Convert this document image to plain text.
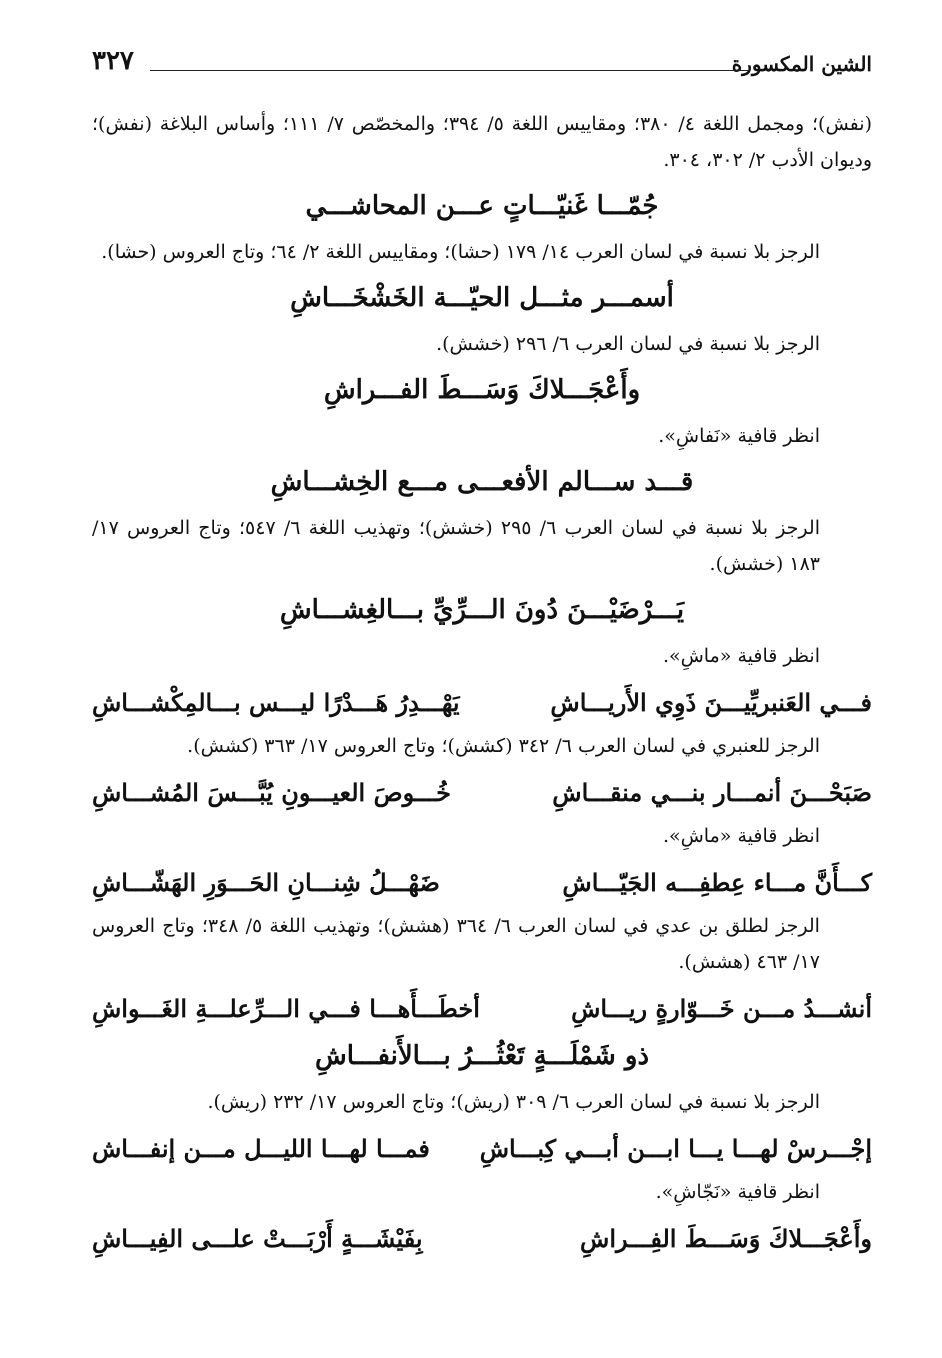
الشين المكسورة
٣٢٧
(نفش)؛ ومجمل اللغة ٤/ ٣٨٠؛ ومقاييس اللغة ٥/ ٣٩٤؛ والمخصّص ٧/ ١١١؛ وأساس البلاغة (نفش)؛ وديوان الأدب ٢/ ٣٠٢، ٣٠٤.
جُمّـــا غَنيّـــاتٍ عـــن المحاشـــي
الرجز بلا نسبة في لسان العرب ١٤/ ١٧٩ (حشا)؛ ومقاييس اللغة ٢/ ٦٤؛ وتاج العروس (حشا).
أسمـــر مثـــل الحيّـــة الخَشْخَـــاشِ
الرجز بلا نسبة في لسان العرب ٦/ ٢٩٦ (خشش).
وأَعْجَـــلاكَ وَسَـــطَ الفـــراشِ
انظر قافية «نَفاشِ».
قـــد ســـالم الأفعـــى مـــع الخِشـــاشِ
الرجز بلا نسبة في لسان العرب ٦/ ٢٩٥ (خشش)؛ وتهذيب اللغة ٦/ ٥٤٧؛ وتاج العروس ١٧/ ١٨٣ (خشش).
يَـــرْضَيْـــنَ دُونَ الـــرِّيِّ بـــالغِشـــاشِ
انظر قافية «ماشِ».
فـــي العَنبريِّيـــنَ ذَوِي الأَريـــاشِ
يَهْـــدِرُ هَـــدْرًا ليـــس بـــالمِكْشـــاشِ
الرجز للعنبري في لسان العرب ٦/ ٣٤٢ (كشش)؛ وتاج العروس ١٧/ ٣٦٣ (كشش).
صَبَحْـــنَ أنمـــار بنـــي منقـــاشِ
خُـــوصَ العيـــونِ يُبَّـــسَ المُشـــاشِ
انظر قافية «ماشِ».
كـــأَنَّ مـــاء عِطفِـــه الجَيّـــاشِ
ضَهْـــلُ شِنـــانِ الحَـــوَرِ الهَشّـــاشِ
الرجز لطلق بن عدي في لسان العرب ٦/ ٣٦٤ (هشش)؛ وتهذيب اللغة ٥/ ٣٤٨؛ وتاج العروس ١٧/ ٤٦٣ (هشش).
أنشـــدُ مـــن خَـــوّارةٍ ريـــاشِ
أخطَـــأَهـــا فـــي الـــرِّعلـــةِ الغَـــواشِ
ذو شَمْلَـــةٍ تَعْثُـــرُ بـــالأَنفـــاشِ
الرجز بلا نسبة في لسان العرب ٦/ ٣٠٩ (ريش)؛ وتاج العروس ١٧/ ٢٣٢ (ريش).
إجْـــرسْ لهـــا يـــا ابـــن أبـــي كِبـــاشِ
فمـــا لهـــا الليـــل مـــن إنفـــاش
انظر قافية «نَجّاشِ».
وأَعْجَـــلاكَ وَسَـــطَ الفِـــراشِ
بِفَيْشَـــةٍ أَرْبَـــتْ علـــى الفِيـــاشِ
